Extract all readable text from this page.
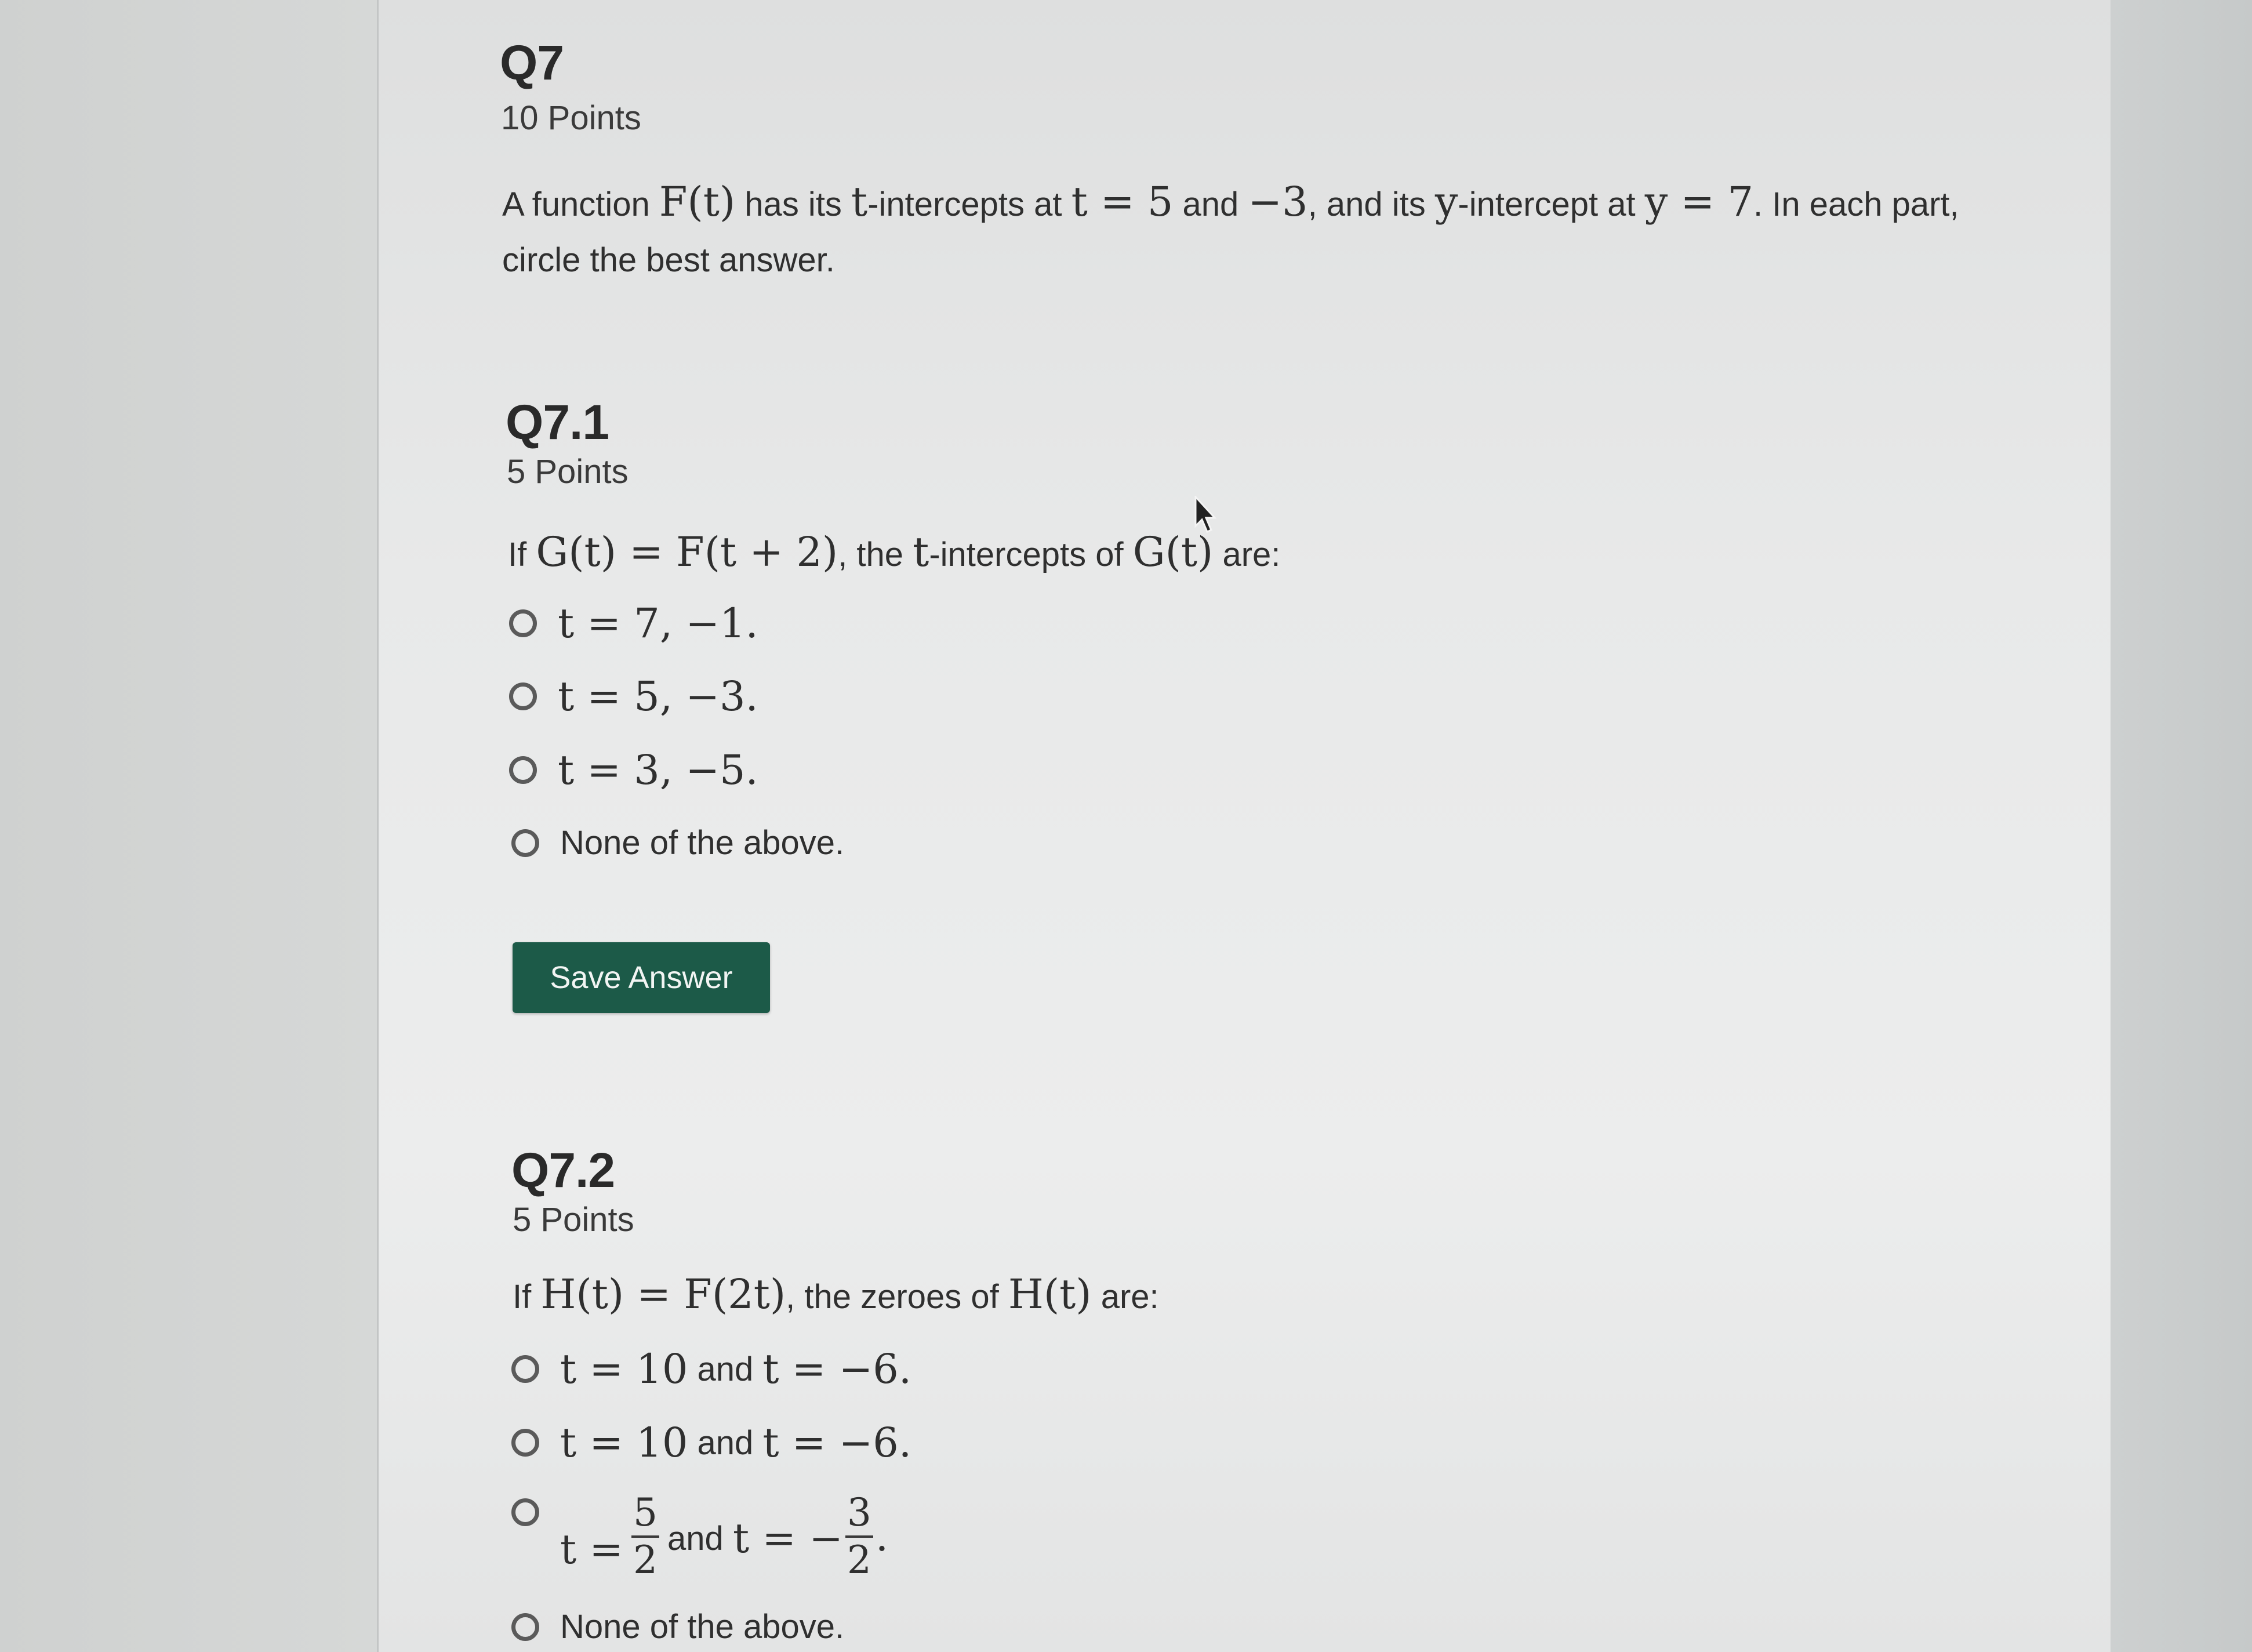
Q7
10 Points
A function F(t) has its t-intercepts at t = 5 and −3, and its y-intercept at y = 7. In each part,
circle the best answer.
Q7.1
5 Points
If G(t) = F(t + 2), the t-intercepts of G(t) are:
t = 7, −1.
t = 5, −3.
t = 3, −5.
None of the above.
Save Answer
Q7.2
5 Points
If H(t) = F(2t), the zeroes of H(t) are:
t = 10 and t = −6.
t = 10 and t = −6.
$t = \frac{5}{2}$ and t = − $\frac{3}{2}$ .
None of the above.
